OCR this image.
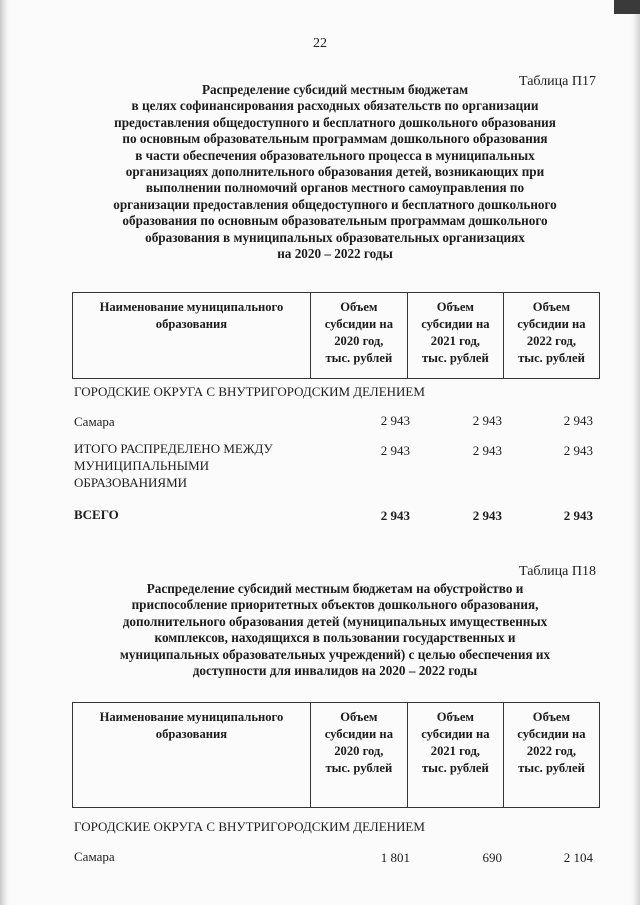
22
Таблица П17
Распределение субсидий местным бюджетам
в целях софинансирования расходных обязательств по организации
предоставления общедоступного и бесплатного дошкольного образования
по основным образовательным программам дошкольного образования
в части обеспечения образовательного процесса в муниципальных
организациях дополнительного образования детей, возникающих при
выполнении полномочий органов местного самоуправления по
организации предоставления общедоступного и бесплатного дошкольного
образования по основным образовательным программам дошкольного
образования в муниципальных образовательных организациях
на 2020 – 2022 годы
Наименование муниципального
образования

Объем
субсидии на
2020 год,
тыс. рублей

Объем
субсидии на
2021 год,
тыс. рублей

Объем
субсидии на
2022 год,
тыс. рублей
ГОРОДСКИЕ ОКРУГА С ВНУТРИГОРОДСКИМ ДЕЛЕНИЕМ
Самара	2 943	2 943	2 943
ИТОГО РАСПРЕДЕЛЕНО МЕЖДУ
МУНИЦИПАЛЬНЫМИ
ОБРАЗОВАНИЯМИ
2 943	2 943	2 943
ВСЕГО	2 943	2 943	2 943
Таблица П18
Распределение субсидий местным бюджетам на обустройство и
приспособление приоритетных объектов дошкольного образования,
дополнительного образования детей (муниципальных имущественных
комплексов, находящихся в пользовании государственных и
муниципальных образовательных учреждений) с целью обеспечения их
доступности для инвалидов на 2020 – 2022 годы
Наименование муниципального
образования

Объем
субсидии на
2020 год,
тыс. рублей

Объем
субсидии на
2021 год,
тыс. рублей

Объем
субсидии на
2022 год,
тыс. рублей
ГОРОДСКИЕ ОКРУГА С ВНУТРИГОРОДСКИМ ДЕЛЕНИЕМ
Самара	1 801	690	2 104
